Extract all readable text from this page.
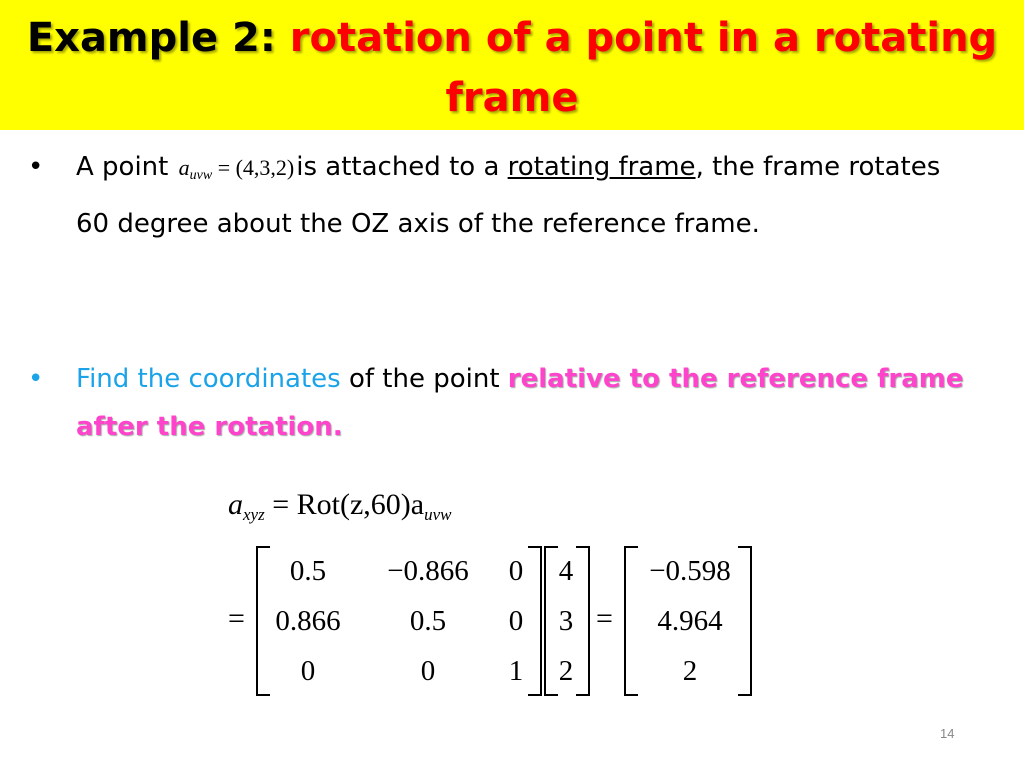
Example 2: rotation of a point in a rotating
frame
•	A point $a_{uvw} = (4,3,2)is$ attached to a rotating frame, the frame rotates 60 degree about the OZ axis of the reference frame.
•	Find the coordinates of the point relative to the reference frame after the rotation.
$a_{xyz} = Rot(z,60)a_{uvw}$
=	=
0.5	−0.866	0
0.866	0.5	0
0	0	1
4
3
2
−0.598
4.964
2
14
